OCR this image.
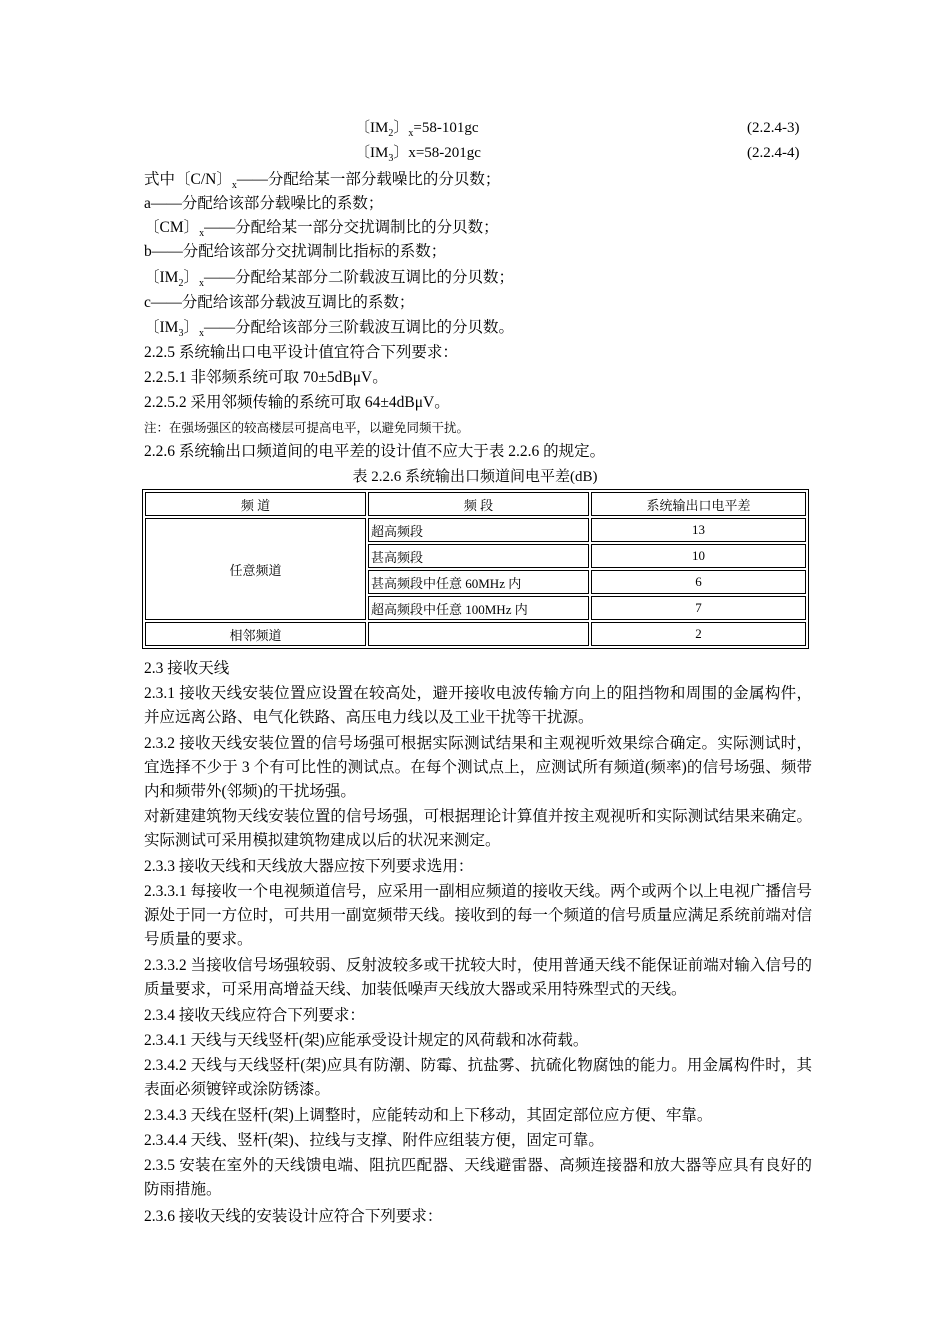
〔$IM_2$〕$_x$=58-101gc	(2.2.4-3)
〔$IM_3$〕x=58-201gc	(2.2.4-4)
式中〔C/N〕$_x$——分配给某一部分载噪比的分贝数；
a——分配给该部分载噪比的系数；
〔CM〕$_x$——分配给某一部分交扰调制比的分贝数；
b——分配给该部分交扰调制比指标的系数；
〔$IM_2$〕$_x$——分配给某部分二阶载波互调比的分贝数；
c——分配给该部分载波互调比的系数；
〔$IM_3$〕$_x$——分配给该部分三阶载波互调比的分贝数。
2.2.5 系统输出口电平设计值宜符合下列要求：
2.2.5.1 非邻频系统可取 70±5dBμV。
2.2.5.2 采用邻频传输的系统可取 64±4dBμV。
注：在强场强区的较高楼层可提高电平，以避免同频干扰。
2.2.6 系统输出口频道间的电平差的设计值不应大于表 2.2.6 的规定。
表 2.2.6 系统输出口频道间电平差(dB)
频 道	频 段	系统输出口电平差
任意频道	超高频段	13
	甚高频段	10
	甚高频段中任意 60MHz 内	6
	超高频段中任意 100MHz 内	7
相邻频道		2
2.3 接收天线
2.3.1 接收天线安装位置应设置在较高处，避开接收电波传输方向上的阻挡物和周围的金属构件，并应远离公路、电气化铁路、高压电力线以及工业干扰等干扰源。
2.3.2 接收天线安装位置的信号场强可根据实际测试结果和主观视听效果综合确定。实际测试时，宜选择不少于 3 个有可比性的测试点。在每个测试点上，应测试所有频道(频率)的信号场强、频带内和频带外(邻频)的干扰场强。
对新建建筑物天线安装位置的信号场强，可根据理论计算值并按主观视听和实际测试结果来确定。实际测试可采用模拟建筑物建成以后的状况来测定。
2.3.3 接收天线和天线放大器应按下列要求选用：
2.3.3.1 每接收一个电视频道信号，应采用一副相应频道的接收天线。两个或两个以上电视广播信号源处于同一方位时，可共用一副宽频带天线。接收到的每一个频道的信号质量应满足系统前端对信号质量的要求。
2.3.3.2 当接收信号场强较弱、反射波较多或干扰较大时，使用普通天线不能保证前端对输入信号的质量要求，可采用高增益天线、加装低噪声天线放大器或采用特殊型式的天线。
2.3.4 接收天线应符合下列要求：
2.3.4.1 天线与天线竖杆(架)应能承受设计规定的风荷载和冰荷载。
2.3.4.2 天线与天线竖杆(架)应具有防潮、防霉、抗盐雾、抗硫化物腐蚀的能力。用金属构件时，其表面必须镀锌或涂防锈漆。
2.3.4.3 天线在竖杆(架)上调整时，应能转动和上下移动，其固定部位应方便、牢靠。
2.3.4.4 天线、竖杆(架)、拉线与支撑、附件应组装方便，固定可靠。
2.3.5 安装在室外的天线馈电端、阻抗匹配器、天线避雷器、高频连接器和放大器等应具有良好的防雨措施。
2.3.6 接收天线的安装设计应符合下列要求：
